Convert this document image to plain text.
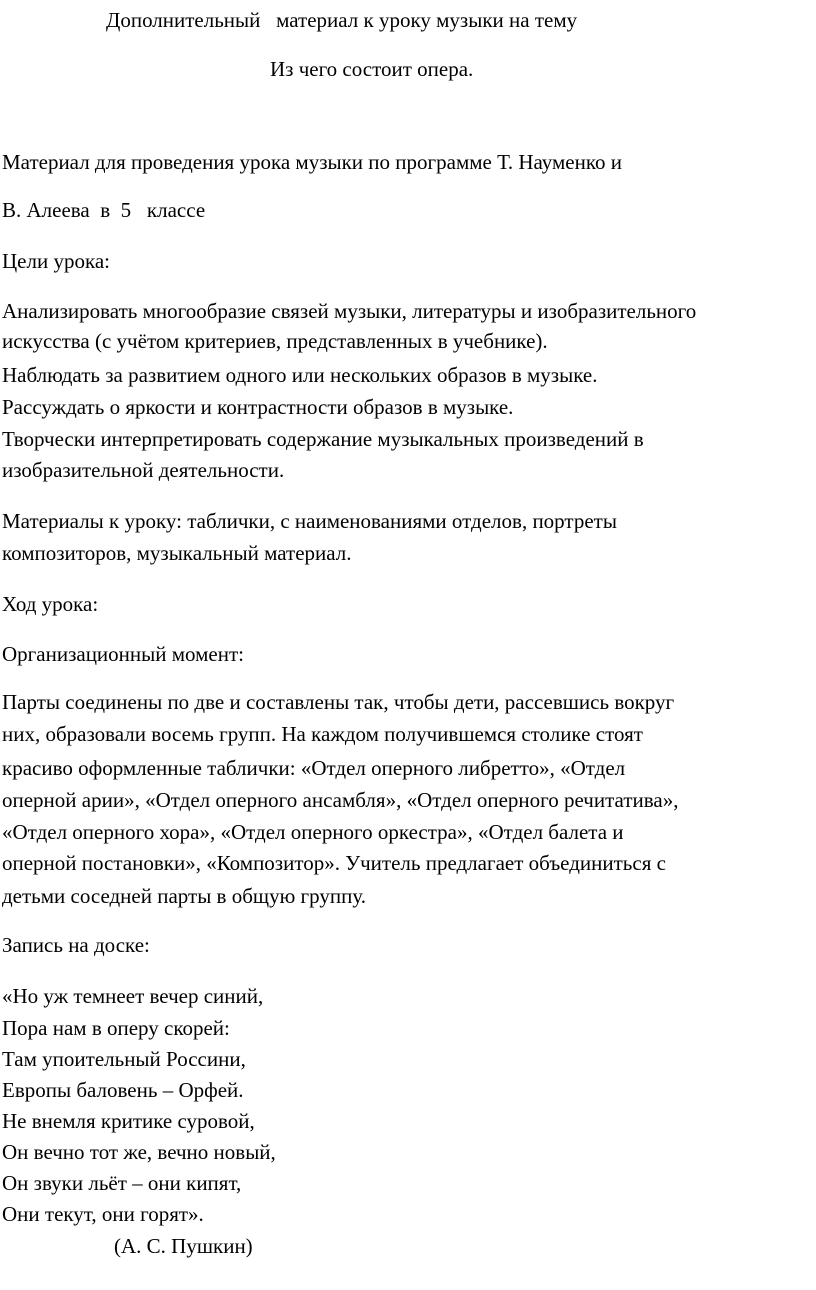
Дополнительный   материал к уроку музыки на тему
Из чего состоит опера.
Материал для проведения урока музыки по программе Т. Науменко и
В. Алеева  в  5   классе
Цели урока:
Анализировать многообразие связей музыки, литературы и изобразительного
искусства (с учётом критериев, представленных в учебнике).
Наблюдать за развитием одного или нескольких образов в музыке.
Рассуждать о яркости и контрастности образов в музыке.
Творчески интерпретировать содержание музыкальных произведений в
изобразительной деятельности.
Материалы к уроку: таблички, с наименованиями отделов, портреты
композиторов, музыкальный материал.
Ход урока:
Организационный момент:
Парты соединены по две и составлены так, чтобы дети, рассевшись вокруг
них, образовали восемь групп. На каждом получившемся столике стоят
красиво оформленные таблички: «Отдел оперного либретто», «Отдел
оперной арии», «Отдел оперного ансамбля», «Отдел оперного речитатива»,
«Отдел оперного хора», «Отдел оперного оркестра», «Отдел балета и
оперной постановки», «Композитор». Учитель предлагает объединиться с
детьми соседней парты в общую группу.
Запись на доске:
«Но уж темнеет вечер синий,
Пора нам в оперу скорей:
Там упоительный Россини,
Европы баловень – Орфей.
Не внемля критике суровой,
Он вечно тот же, вечно новый,
Он звуки льёт – они кипят,
Они текут, они горят».
(А. С. Пушкин)
